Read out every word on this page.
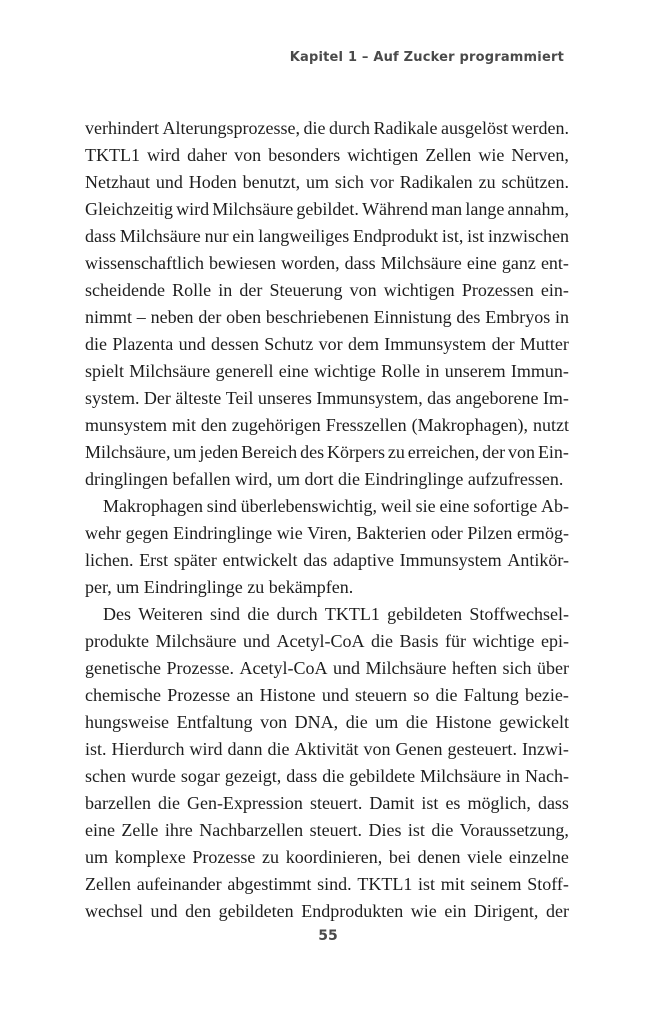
Kapitel 1 – Auf Zucker programmiert
verhindert Alterungsprozesse, die durch Radikale ausgelöst werden.
TKTL1 wird daher von besonders wichtigen Zellen wie Nerven,
Netzhaut und Hoden benutzt, um sich vor Radikalen zu schützen.
Gleichzeitig wird Milchsäure gebildet. Während man lange annahm,
dass Milchsäure nur ein langweiliges Endprodukt ist, ist inzwischen
wissenschaftlich bewiesen worden, dass Milchsäure eine ganz ent-
scheidende Rolle in der Steuerung von wichtigen Prozessen ein-
nimmt – neben der oben beschriebenen Einnistung des Embryos in
die Plazenta und dessen Schutz vor dem Immunsystem der Mutter
spielt Milchsäure generell eine wichtige Rolle in unserem Immun-
system. Der älteste Teil unseres Immunsystem, das angeborene Im-
munsystem mit den zugehörigen Fresszellen (Makrophagen), nutzt
Milchsäure, um jeden Bereich des Körpers zu erreichen, der von Ein-
dringlingen befallen wird, um dort die Eindringlinge aufzufressen.
Makrophagen sind überlebenswichtig, weil sie eine sofortige Ab-
wehr gegen Eindringlinge wie Viren, Bakterien oder Pilzen ermög-
lichen. Erst später entwickelt das adaptive Immunsystem Antikör-
per, um Eindringlinge zu bekämpfen.
Des Weiteren sind die durch TKTL1 gebildeten Stoffwechsel-
produkte Milchsäure und Acetyl-CoA die Basis für wichtige epi-
genetische Prozesse. Acetyl-CoA und Milchsäure heften sich über
chemische Prozesse an Histone und steuern so die Faltung bezie-
hungsweise Entfaltung von DNA, die um die Histone gewickelt
ist. Hierdurch wird dann die Aktivität von Genen gesteuert. Inzwi-
schen wurde sogar gezeigt, dass die gebildete Milchsäure in Nach-
barzellen die Gen-Expression steuert. Damit ist es möglich, dass
eine Zelle ihre Nachbarzellen steuert. Dies ist die Voraussetzung,
um komplexe Prozesse zu koordinieren, bei denen viele einzelne
Zellen aufeinander abgestimmt sind. TKTL1 ist mit seinem Stoff-
wechsel und den gebildeten Endprodukten wie ein Dirigent, der
55
